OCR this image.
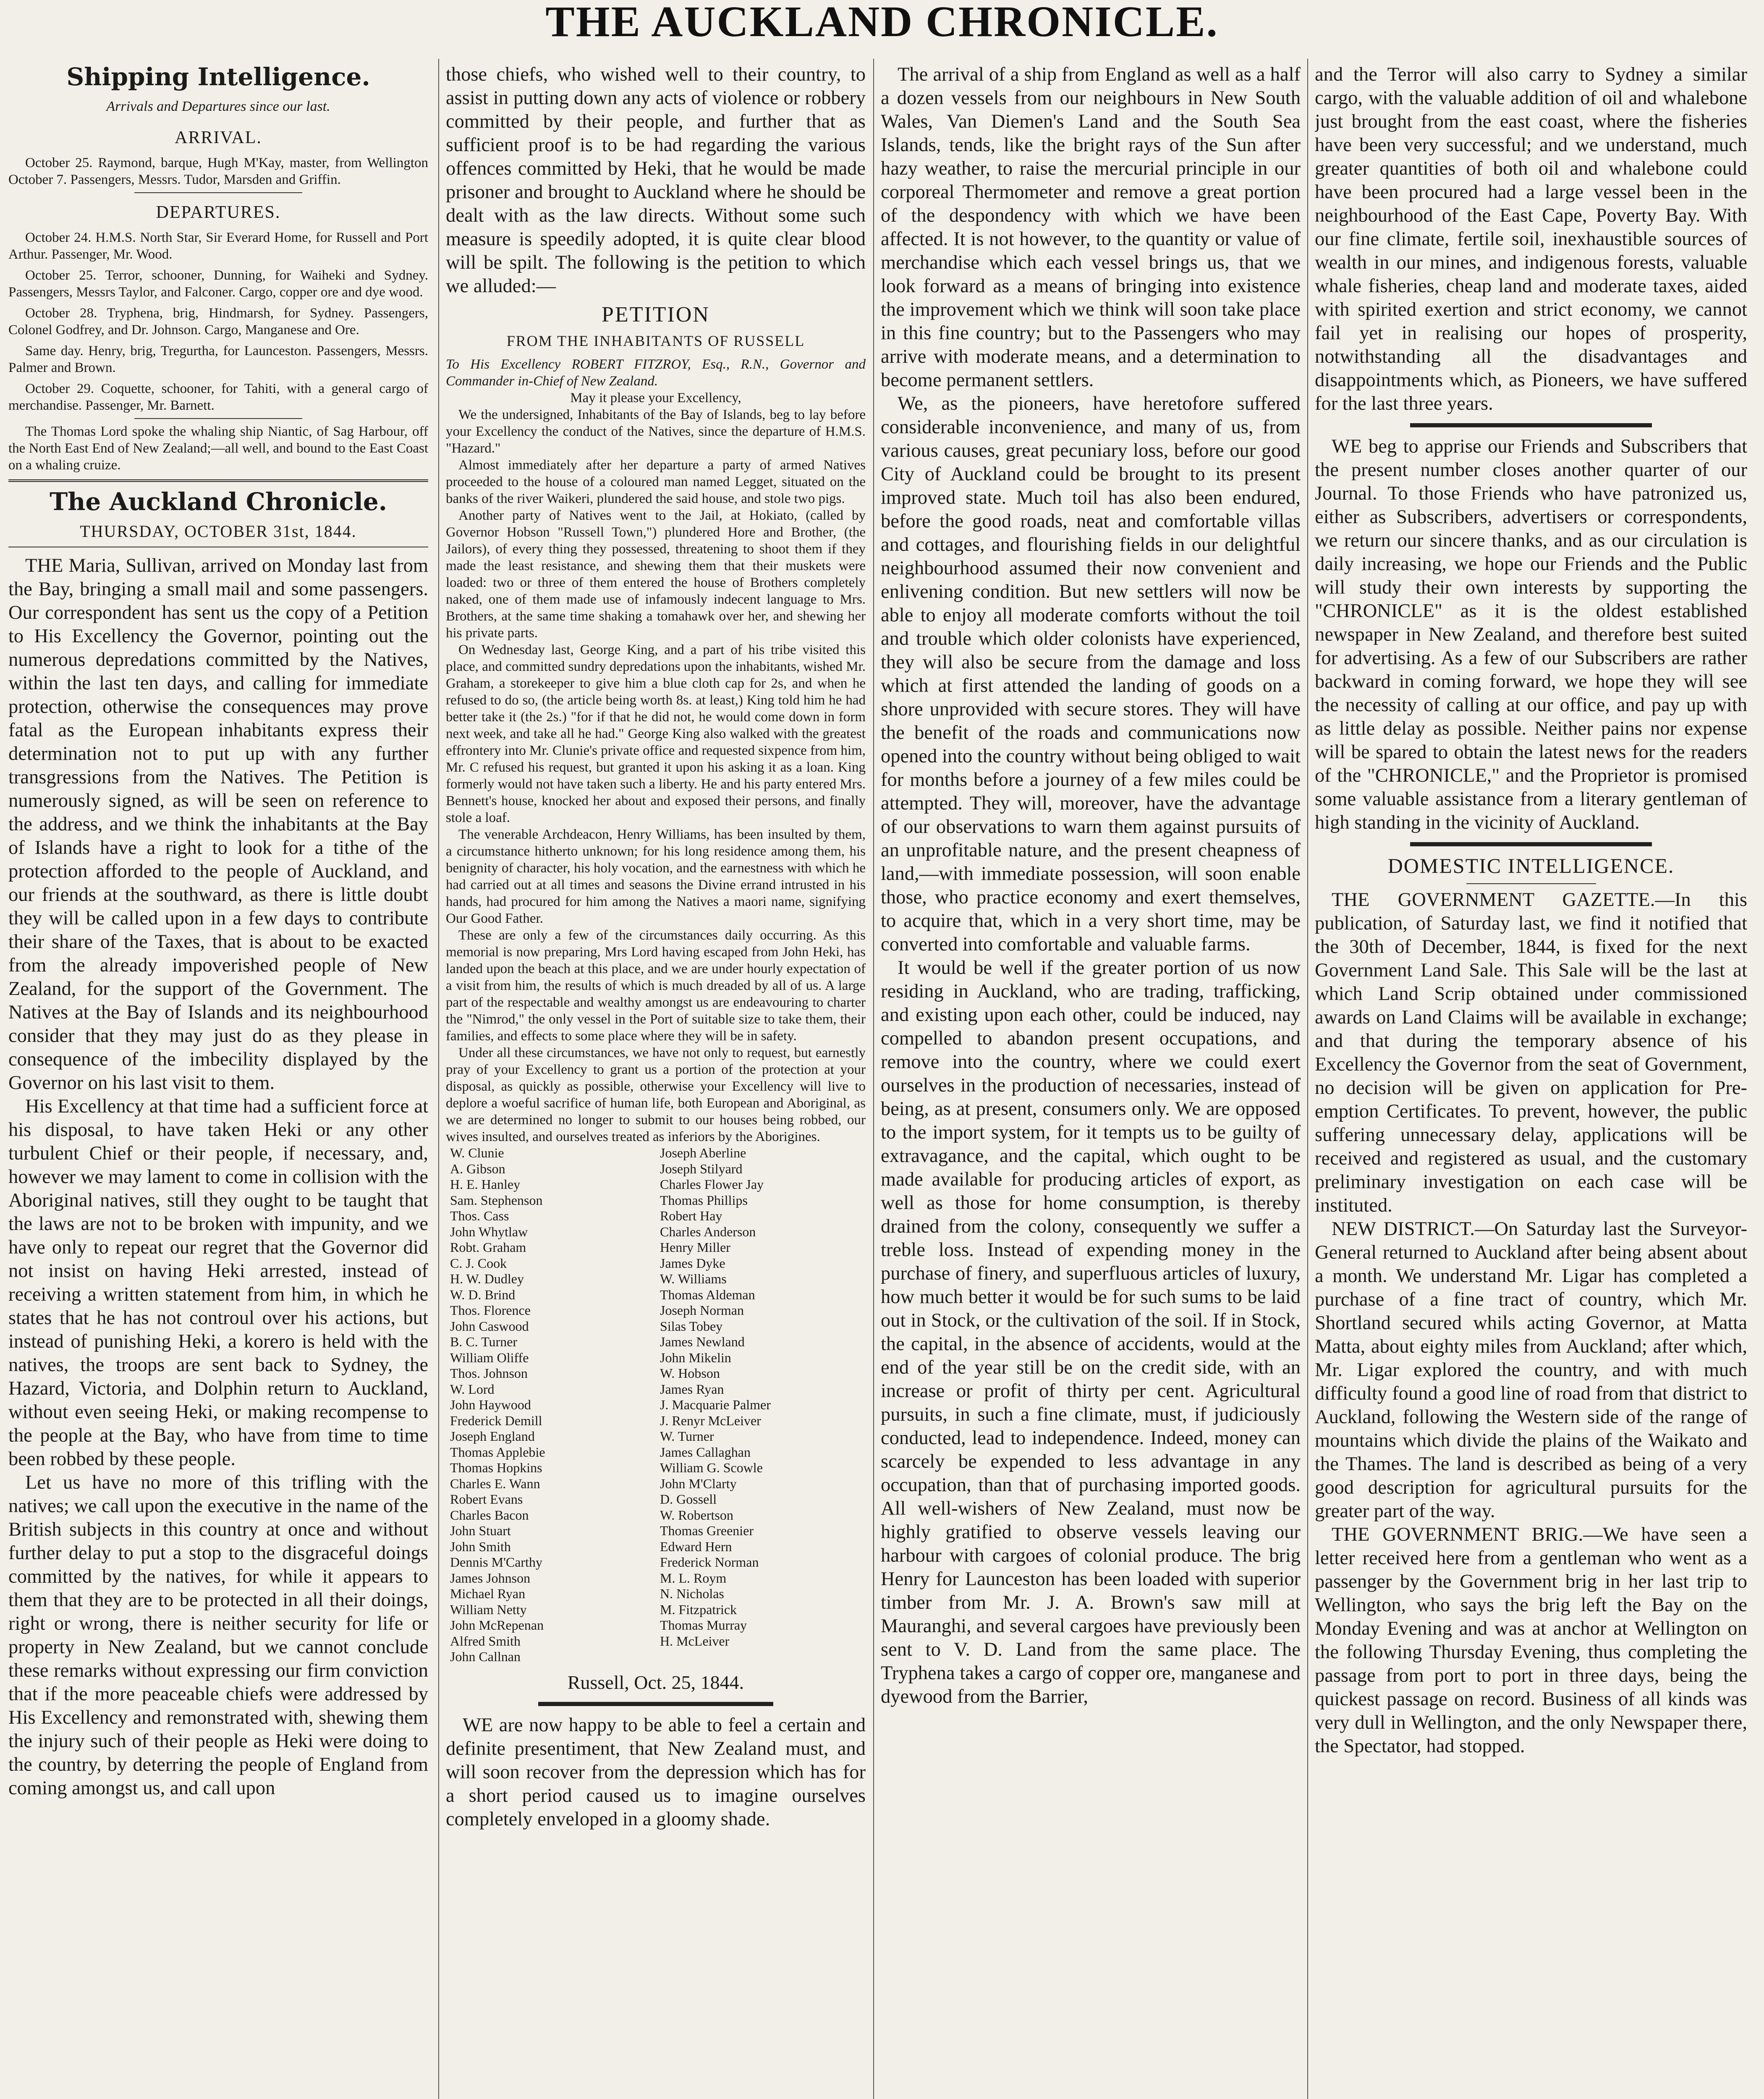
THE AUCKLAND CHRONICLE.

Shipping Intelligence.

Arrivals and Departures since our last.

ARRIVAL.

October 25. Raymond, barque, Hugh M'Kay, master, from Wellington October 7. Passengers, Messrs. Tudor, Marsden and Griffin.

DEPARTURES.

October 24. H.M.S. North Star, Sir Everard Home, for Russell and Port Arthur. Passenger, Mr. Wood.

October 25. Terror, schooner, Dunning, for Waiheki and Sydney. Passengers, Messrs Taylor, and Falconer. Cargo, copper ore and dye wood.

October 28. Tryphena, brig, Hindmarsh, for Sydney. Passengers, Colonel Godfrey, and Dr. Johnson. Cargo, Manganese and Ore.

Same day. Henry, brig, Tregurtha, for Launceston. Passengers, Messrs. Palmer and Brown.

October 29. Coquette, schooner, for Tahiti, with a general cargo of merchandise. Passenger, Mr. Barnett.

The Thomas Lord spoke the whaling ship Niantic, of Sag Harbour, off the North East End of New Zealand;—all well, and bound to the East Coast on a whaling cruize.

The Auckland Chronicle.

THURSDAY, OCTOBER 31st, 1844.

THE Maria, Sullivan, arrived on Monday last from the Bay, bringing a small mail and some passengers. Our correspondent has sent us the copy of a Petition to His Excellency the Governor, pointing out the numerous depredations committed by the Natives, within the last ten days, and calling for immediate protection, otherwise the consequences may prove fatal as the European inhabitants express their determination not to put up with any further transgressions from the Natives. The Petition is numerously signed, as will be seen on reference to the address, and we think the inhabitants at the Bay of Islands have a right to look for a tithe of the protection afforded to the people of Auckland, and our friends at the southward, as there is little doubt they will be called upon in a few days to contribute their share of the Taxes, that is about to be exacted from the already impoverished people of New Zealand, for the support of the Government. The Natives at the Bay of Islands and its neighbourhood consider that they may just do as they please in consequence of the imbecility displayed by the Governor on his last visit to them.

His Excellency at that time had a sufficient force at his disposal, to have taken Heki or any other turbulent Chief or their people, if necessary, and, however we may lament to come in collision with the Aboriginal natives, still they ought to be taught that the laws are not to be broken with impunity, and we have only to repeat our regret that the Governor did not insist on having Heki arrested, instead of receiving a written statement from him, in which he states that he has not controul over his actions, but instead of punishing Heki, a korero is held with the natives, the troops are sent back to Sydney, the Hazard, Victoria, and Dolphin return to Auckland, without even seeing Heki, or making recompense to the people at the Bay, who have from time to time been robbed by these people.

Let us have no more of this trifling with the natives; we call upon the executive in the name of the British subjects in this country at once and without further delay to put a stop to the disgraceful doings committed by the natives, for while it appears to them that they are to be protected in all their doings, right or wrong, there is neither security for life or property in New Zealand, but we cannot conclude these remarks without expressing our firm conviction that if the more peaceable chiefs were addressed by His Excellency and remonstrated with, shewing them the injury such of their people as Heki were doing to the country, by deterring the people of England from coming amongst us, and call upon

those chiefs, who wished well to their country, to assist in putting down any acts of violence or robbery committed by their people, and further that as sufficient proof is to be had regarding the various offences committed by Heki, that he would be made prisoner and brought to Auckland where he should be dealt with as the law directs. Without some such measure is speedily adopted, it is quite clear blood will be spilt. The following is the petition to which we alluded:—

PETITION

FROM THE INHABITANTS OF RUSSELL

To His Excellency ROBERT FITZROY, Esq., R.N., Governor and Commander in-Chief of New Zealand.

May it please your Excellency,

We the undersigned, Inhabitants of the Bay of Islands, beg to lay before your Excellency the conduct of the Natives, since the departure of H.M.S. "Hazard."

Almost immediately after her departure a party of armed Natives proceeded to the house of a coloured man named Legget, situated on the banks of the river Waikeri, plundered the said house, and stole two pigs.

Another party of Natives went to the Jail, at Hokiato, (called by Governor Hobson "Russell Town,") plundered Hore and Brother, (the Jailors), of every thing they possessed, threatening to shoot them if they made the least resistance, and shewing them that their muskets were loaded: two or three of them entered the house of Brothers completely naked, one of them made use of infamously indecent language to Mrs. Brothers, at the same time shaking a tomahawk over her, and shewing her his private parts.

On Wednesday last, George King, and a part of his tribe visited this place, and committed sundry depredations upon the inhabitants, wished Mr. Graham, a storekeeper to give him a blue cloth cap for 2s, and when he refused to do so, (the article being worth 8s. at least,) King told him he had better take it (the 2s.) "for if that he did not, he would come down in form next week, and take all he had." George King also walked with the greatest effrontery into Mr. Clunie's private office and requested sixpence from him, Mr. C refused his request, but granted it upon his asking it as a loan. King formerly would not have taken such a liberty. He and his party entered Mrs. Bennett's house, knocked her about and exposed their persons, and finally stole a loaf.

The venerable Archdeacon, Henry Williams, has been insulted by them, a circumstance hitherto unknown; for his long residence among them, his benignity of character, his holy vocation, and the earnestness with which he had carried out at all times and seasons the Divine errand intrusted in his hands, had procured for him among the Natives a maori name, signifying Our Good Father.

These are only a few of the circumstances daily occurring. As this memorial is now preparing, Mrs Lord having escaped from John Heki, has landed upon the beach at this place, and we are under hourly expectation of a visit from him, the results of which is much dreaded by all of us. A large part of the respectable and wealthy amongst us are endeavouring to charter the "Nimrod," the only vessel in the Port of suitable size to take them, their families, and effects to some place where they will be in safety.

Under all these circumstances, we have not only to request, but earnestly pray of your Excellency to grant us a portion of the protection at your disposal, as quickly as possible, otherwise your Excellency will live to deplore a woeful sacrifice of human life, both European and Aboriginal, as we are determined no longer to submit to our houses being robbed, our wives insulted, and ourselves treated as inferiors by the Aborigines.

W. Clunie
A. Gibson
H. E. Hanley
Sam. Stephenson
Thos. Cass
John Whytlaw
Robt. Graham
C. J. Cook
H. W. Dudley
W. D. Brind
Thos. Florence
John Caswood
B. C. Turner
William Oliffe
Thos. Johnson
W. Lord
John Haywood
Frederick Demill
Joseph England
Thomas Applebie
Thomas Hopkins
Charles E. Wann
Robert Evans
Charles Bacon
John Stuart
John Smith
Dennis M'Carthy
James Johnson
Michael Ryan
William Netty
John McRepenan
Alfred Smith
John Callnan
Joseph Aberline
Joseph Stilyard
Charles Flower Jay
Thomas Phillips
Robert Hay
Charles Anderson
Henry Miller
James Dyke
W. Williams
Thomas Aldeman
Joseph Norman
Silas Tobey
James Newland
John Mikelin
W. Hobson
James Ryan
J. Macquarie Palmer
J. Renyr McLeiver
W. Turner
James Callaghan
William G. Scowle
John M'Clarty
D. Gossell
W. Robertson
Thomas Greenier
Edward Hern
Frederick Norman
M. L. Roym
N. Nicholas
M. Fitzpatrick
Thomas Murray
H. McLeiver

Russell, Oct. 25, 1844.

WE are now happy to be able to feel a certain and definite presentiment, that New Zealand must, and will soon recover from the depression which has for a short period caused us to imagine ourselves completely enveloped in a gloomy shade.

The arrival of a ship from England as well as a half a dozen vessels from our neighbours in New South Wales, Van Diemen's Land and the South Sea Islands, tends, like the bright rays of the Sun after hazy weather, to raise the mercurial principle in our corporeal Thermometer and remove a great portion of the despondency with which we have been affected. It is not however, to the quantity or value of merchandise which each vessel brings us, that we look forward as a means of bringing into existence the improvement which we think will soon take place in this fine country; but to the Passengers who may arrive with moderate means, and a determination to become permanent settlers.

We, as the pioneers, have heretofore suffered considerable inconvenience, and many of us, from various causes, great pecuniary loss, before our good City of Auckland could be brought to its present improved state. Much toil has also been endured, before the good roads, neat and comfortable villas and cottages, and flourishing fields in our delightful neighbourhood assumed their now convenient and enlivening condition. But new settlers will now be able to enjoy all moderate comforts without the toil and trouble which older colonists have experienced, they will also be secure from the damage and loss which at first attended the landing of goods on a shore unprovided with secure stores. They will have the benefit of the roads and communications now opened into the country without being obliged to wait for months before a journey of a few miles could be attempted. They will, moreover, have the advantage of our observations to warn them against pursuits of an unprofitable nature, and the present cheapness of land,—with immediate possession, will soon enable those, who practice economy and exert themselves, to acquire that, which in a very short time, may be converted into comfortable and valuable farms.

It would be well if the greater portion of us now residing in Auckland, who are trading, trafficking, and existing upon each other, could be induced, nay compelled to abandon present occupations, and remove into the country, where we could exert ourselves in the production of necessaries, instead of being, as at present, consumers only. We are opposed to the import system, for it tempts us to be guilty of extravagance, and the capital, which ought to be made available for producing articles of export, as well as those for home consumption, is thereby drained from the colony, consequently we suffer a treble loss. Instead of expending money in the purchase of finery, and superfluous articles of luxury, how much better it would be for such sums to be laid out in Stock, or the cultivation of the soil. If in Stock, the capital, in the absence of accidents, would at the end of the year still be on the credit side, with an increase or profit of thirty per cent. Agricultural pursuits, in such a fine climate, must, if judiciously conducted, lead to independence. Indeed, money can scarcely be expended to less advantage in any occupation, than that of purchasing imported goods. All well-wishers of New Zealand, must now be highly gratified to observe vessels leaving our harbour with cargoes of colonial produce. The brig Henry for Launceston has been loaded with superior timber from Mr. J. A. Brown's saw mill at Mauranghi, and several cargoes have previously been sent to V. D. Land from the same place. The Tryphena takes a cargo of copper ore, manganese and dyewood from the Barrier,

and the Terror will also carry to Sydney a similar cargo, with the valuable addition of oil and whalebone just brought from the east coast, where the fisheries have been very successful; and we understand, much greater quantities of both oil and whalebone could have been procured had a large vessel been in the neighbourhood of the East Cape, Poverty Bay. With our fine climate, fertile soil, inexhaustible sources of wealth in our mines, and indigenous forests, valuable whale fisheries, cheap land and moderate taxes, aided with spirited exertion and strict economy, we cannot fail yet in realising our hopes of prosperity, notwithstanding all the disadvantages and disappointments which, as Pioneers, we have suffered for the last three years.

WE beg to apprise our Friends and Subscribers that the present number closes another quarter of our Journal. To those Friends who have patronized us, either as Subscribers, advertisers or correspondents, we return our sincere thanks, and as our circulation is daily increasing, we hope our Friends and the Public will study their own interests by supporting the "CHRONICLE" as it is the oldest established newspaper in New Zealand, and therefore best suited for advertising. As a few of our Subscribers are rather backward in coming forward, we hope they will see the necessity of calling at our office, and pay up with as little delay as possible. Neither pains nor expense will be spared to obtain the latest news for the readers of the "CHRONICLE," and the Proprietor is promised some valuable assistance from a literary gentleman of high standing in the vicinity of Auckland.

DOMESTIC INTELLIGENCE.

THE GOVERNMENT GAZETTE.—In this publication, of Saturday last, we find it notified that the 30th of December, 1844, is fixed for the next Government Land Sale. This Sale will be the last at which Land Scrip obtained under commissioned awards on Land Claims will be available in exchange; and that during the temporary absence of his Excellency the Governor from the seat of Government, no decision will be given on application for Pre-emption Certificates. To prevent, however, the public suffering unnecessary delay, applications will be received and registered as usual, and the customary preliminary investigation on each case will be instituted.

NEW DISTRICT.—On Saturday last the Surveyor-General returned to Auckland after being absent about a month. We understand Mr. Ligar has completed a purchase of a fine tract of country, which Mr. Shortland secured whils acting Governor, at Matta Matta, about eighty miles from Auckland; after which, Mr. Ligar explored the country, and with much difficulty found a good line of road from that district to Auckland, following the Western side of the range of mountains which divide the plains of the Waikato and the Thames. The land is described as being of a very good description for agricultural pursuits for the greater part of the way.

THE GOVERNMENT BRIG.—We have seen a letter received here from a gentleman who went as a passenger by the Government brig in her last trip to Wellington, who says the brig left the Bay on the Monday Evening and was at anchor at Wellington on the following Thursday Evening, thus completing the passage from port to port in three days, being the quickest passage on record. Business of all kinds was very dull in Wellington, and the only Newspaper there, the Spectator, had stopped.
